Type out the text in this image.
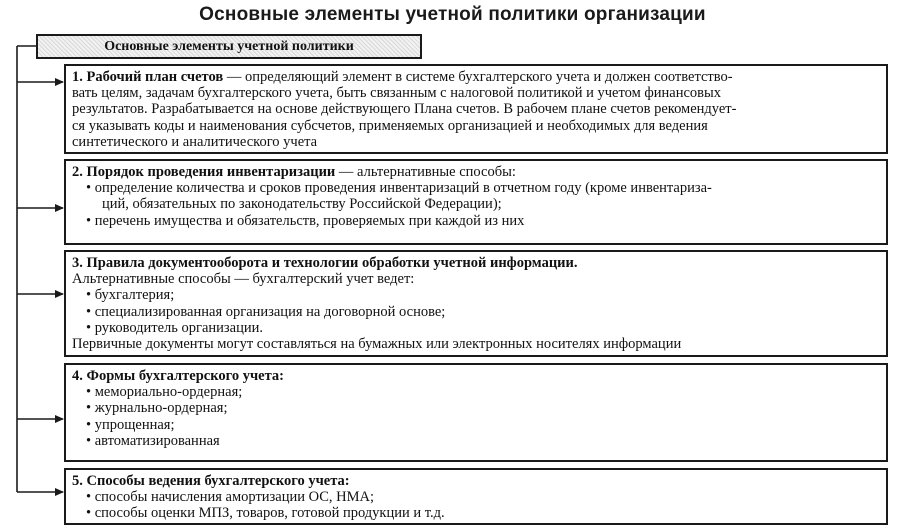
Основные элементы учетной политики организации
Основные элементы учетной политики
1. Рабочий план счетов — определяющий элемент в системе бухгалтерского учета и должен соответство-
вать целям, задачам бухгалтерского учета, быть связанным с налоговой политикой и учетом финансовых
результатов. Разрабатывается на основе действующего Плана счетов. В рабочем плане счетов рекомендует-
ся указывать коды и наименования субсчетов, применяемых организацией и необходимых для ведения
синтетического и аналитического учета
2. Порядок проведения инвентаризации — альтернативные способы:
• определение количества и сроков проведения инвентаризаций в отчетном году (кроме инвентариза-
ций, обязательных по законодательству Российской Федерации);
• перечень имущества и обязательств, проверяемых при каждой из них
3. Правила документооборота и технологии обработки учетной информации.
Альтернативные способы — бухгалтерский учет ведет:
• бухгалтерия;
• специализированная организация на договорной основе;
• руководитель организации.
Первичные документы могут составляться на бумажных или электронных носителях информации
4. Формы бухгалтерского учета:
• мемориально-ордерная;
• журнально-ордерная;
• упрощенная;
• автоматизированная
5. Способы ведения бухгалтерского учета:
• способы начисления амортизации ОС, НМА;
• способы оценки МПЗ, товаров, готовой продукции и т.д.
